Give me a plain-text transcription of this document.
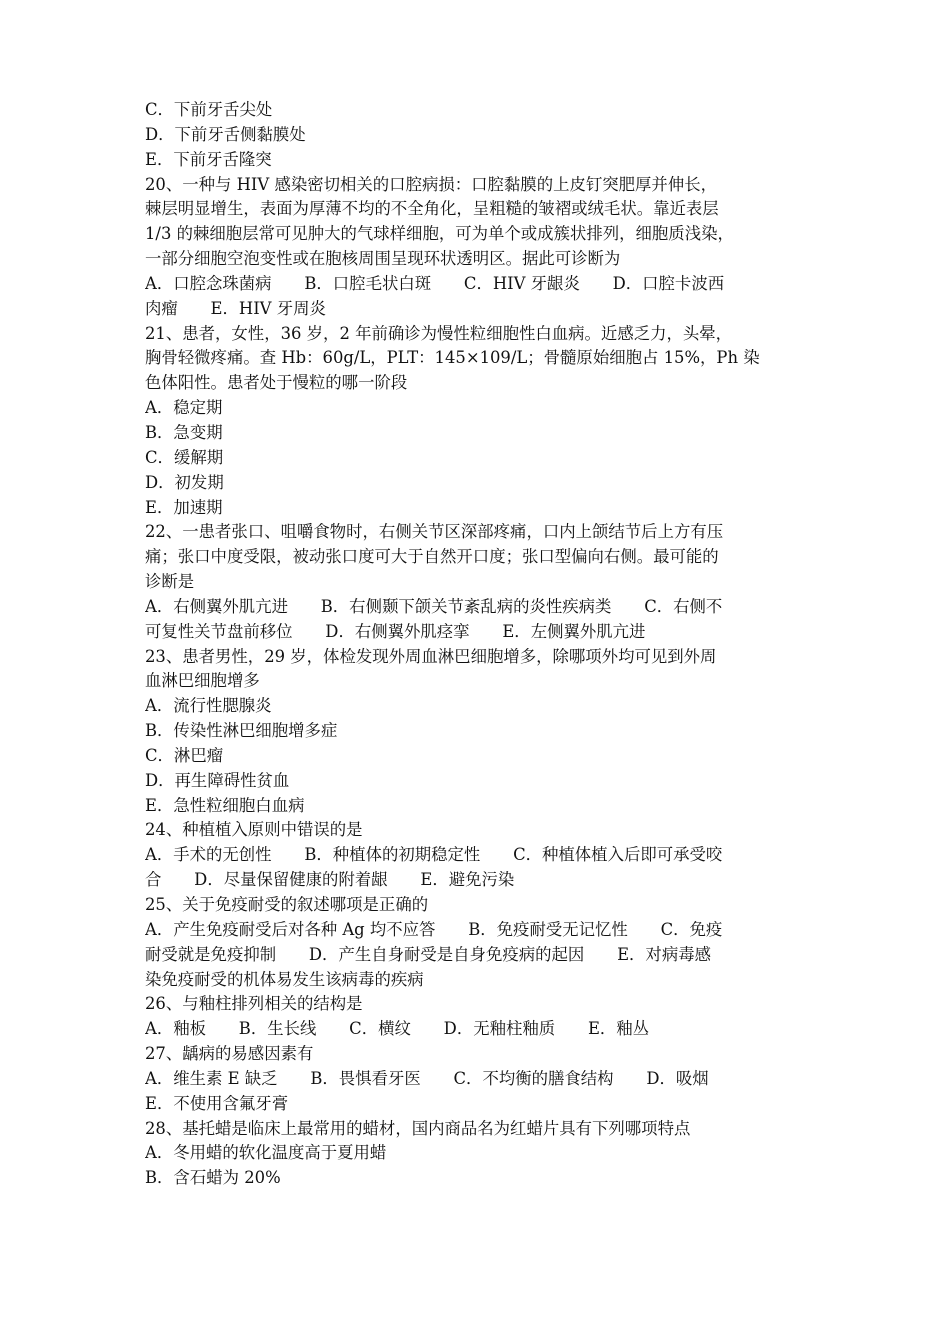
C．下前牙舌尖处
D．下前牙舌侧黏膜处
E．下前牙舌隆突
20、一种与 HIV 感染密切相关的口腔病损：口腔黏膜的上皮钉突肥厚并伸长，
棘层明显增生，表面为厚薄不均的不全角化，呈粗糙的皱褶或绒毛状。靠近表层
1/3 的棘细胞层常可见肿大的气球样细胞，可为单个或成簇状排列，细胞质浅染，
一部分细胞空泡变性或在胞核周围呈现环状透明区。据此可诊断为
A．口腔念珠菌病　　B．口腔毛状白斑　　C．HIV 牙龈炎　　D．口腔卡波西
肉瘤　　E．HIV 牙周炎
21、患者，女性，36 岁，2 年前确诊为慢性粒细胞性白血病。近感乏力，头晕，
胸骨轻微疼痛。查 Hb：60g/L，PLT：145×109/L；骨髓原始细胞占 15%，Ph 染
色体阳性。患者处于慢粒的哪一阶段
A．稳定期
B．急变期
C．缓解期
D．初发期
E．加速期
22、一患者张口、咀嚼食物时，右侧关节区深部疼痛，口内上颌结节后上方有压
痛；张口中度受限，被动张口度可大于自然开口度；张口型偏向右侧。最可能的
诊断是
A．右侧翼外肌亢进　　B．右侧颞下颌关节紊乱病的炎性疾病类　　C．右侧不
可复性关节盘前移位　　D．右侧翼外肌痉挛　　E．左侧翼外肌亢进
23、患者男性，29 岁，体检发现外周血淋巴细胞增多，除哪项外均可见到外周
血淋巴细胞增多
A．流行性腮腺炎
B．传染性淋巴细胞增多症
C．淋巴瘤
D．再生障碍性贫血
E．急性粒细胞白血病
24、种植植入原则中错误的是
A．手术的无创性　　B．种植体的初期稳定性　　C．种植体植入后即可承受咬
合　　D．尽量保留健康的附着龈　　E．避免污染
25、关于免疫耐受的叙述哪项是正确的
A．产生免疫耐受后对各种 Ag 均不应答　　B．免疫耐受无记忆性　　C．免疫
耐受就是免疫抑制　　D．产生自身耐受是自身免疫病的起因　　E．对病毒感
染免疫耐受的机体易发生该病毒的疾病
26、与釉柱排列相关的结构是
A．釉板　　B．生长线　　C．横纹　　D．无釉柱釉质　　E．釉丛
27、龋病的易感因素有
A．维生素 E 缺乏　　B．畏惧看牙医　　C．不均衡的膳食结构　　D．吸烟
E．不使用含氟牙膏
28、基托蜡是临床上最常用的蜡材，国内商品名为红蜡片具有下列哪项特点
A．冬用蜡的软化温度高于夏用蜡
B．含石蜡为 20%
